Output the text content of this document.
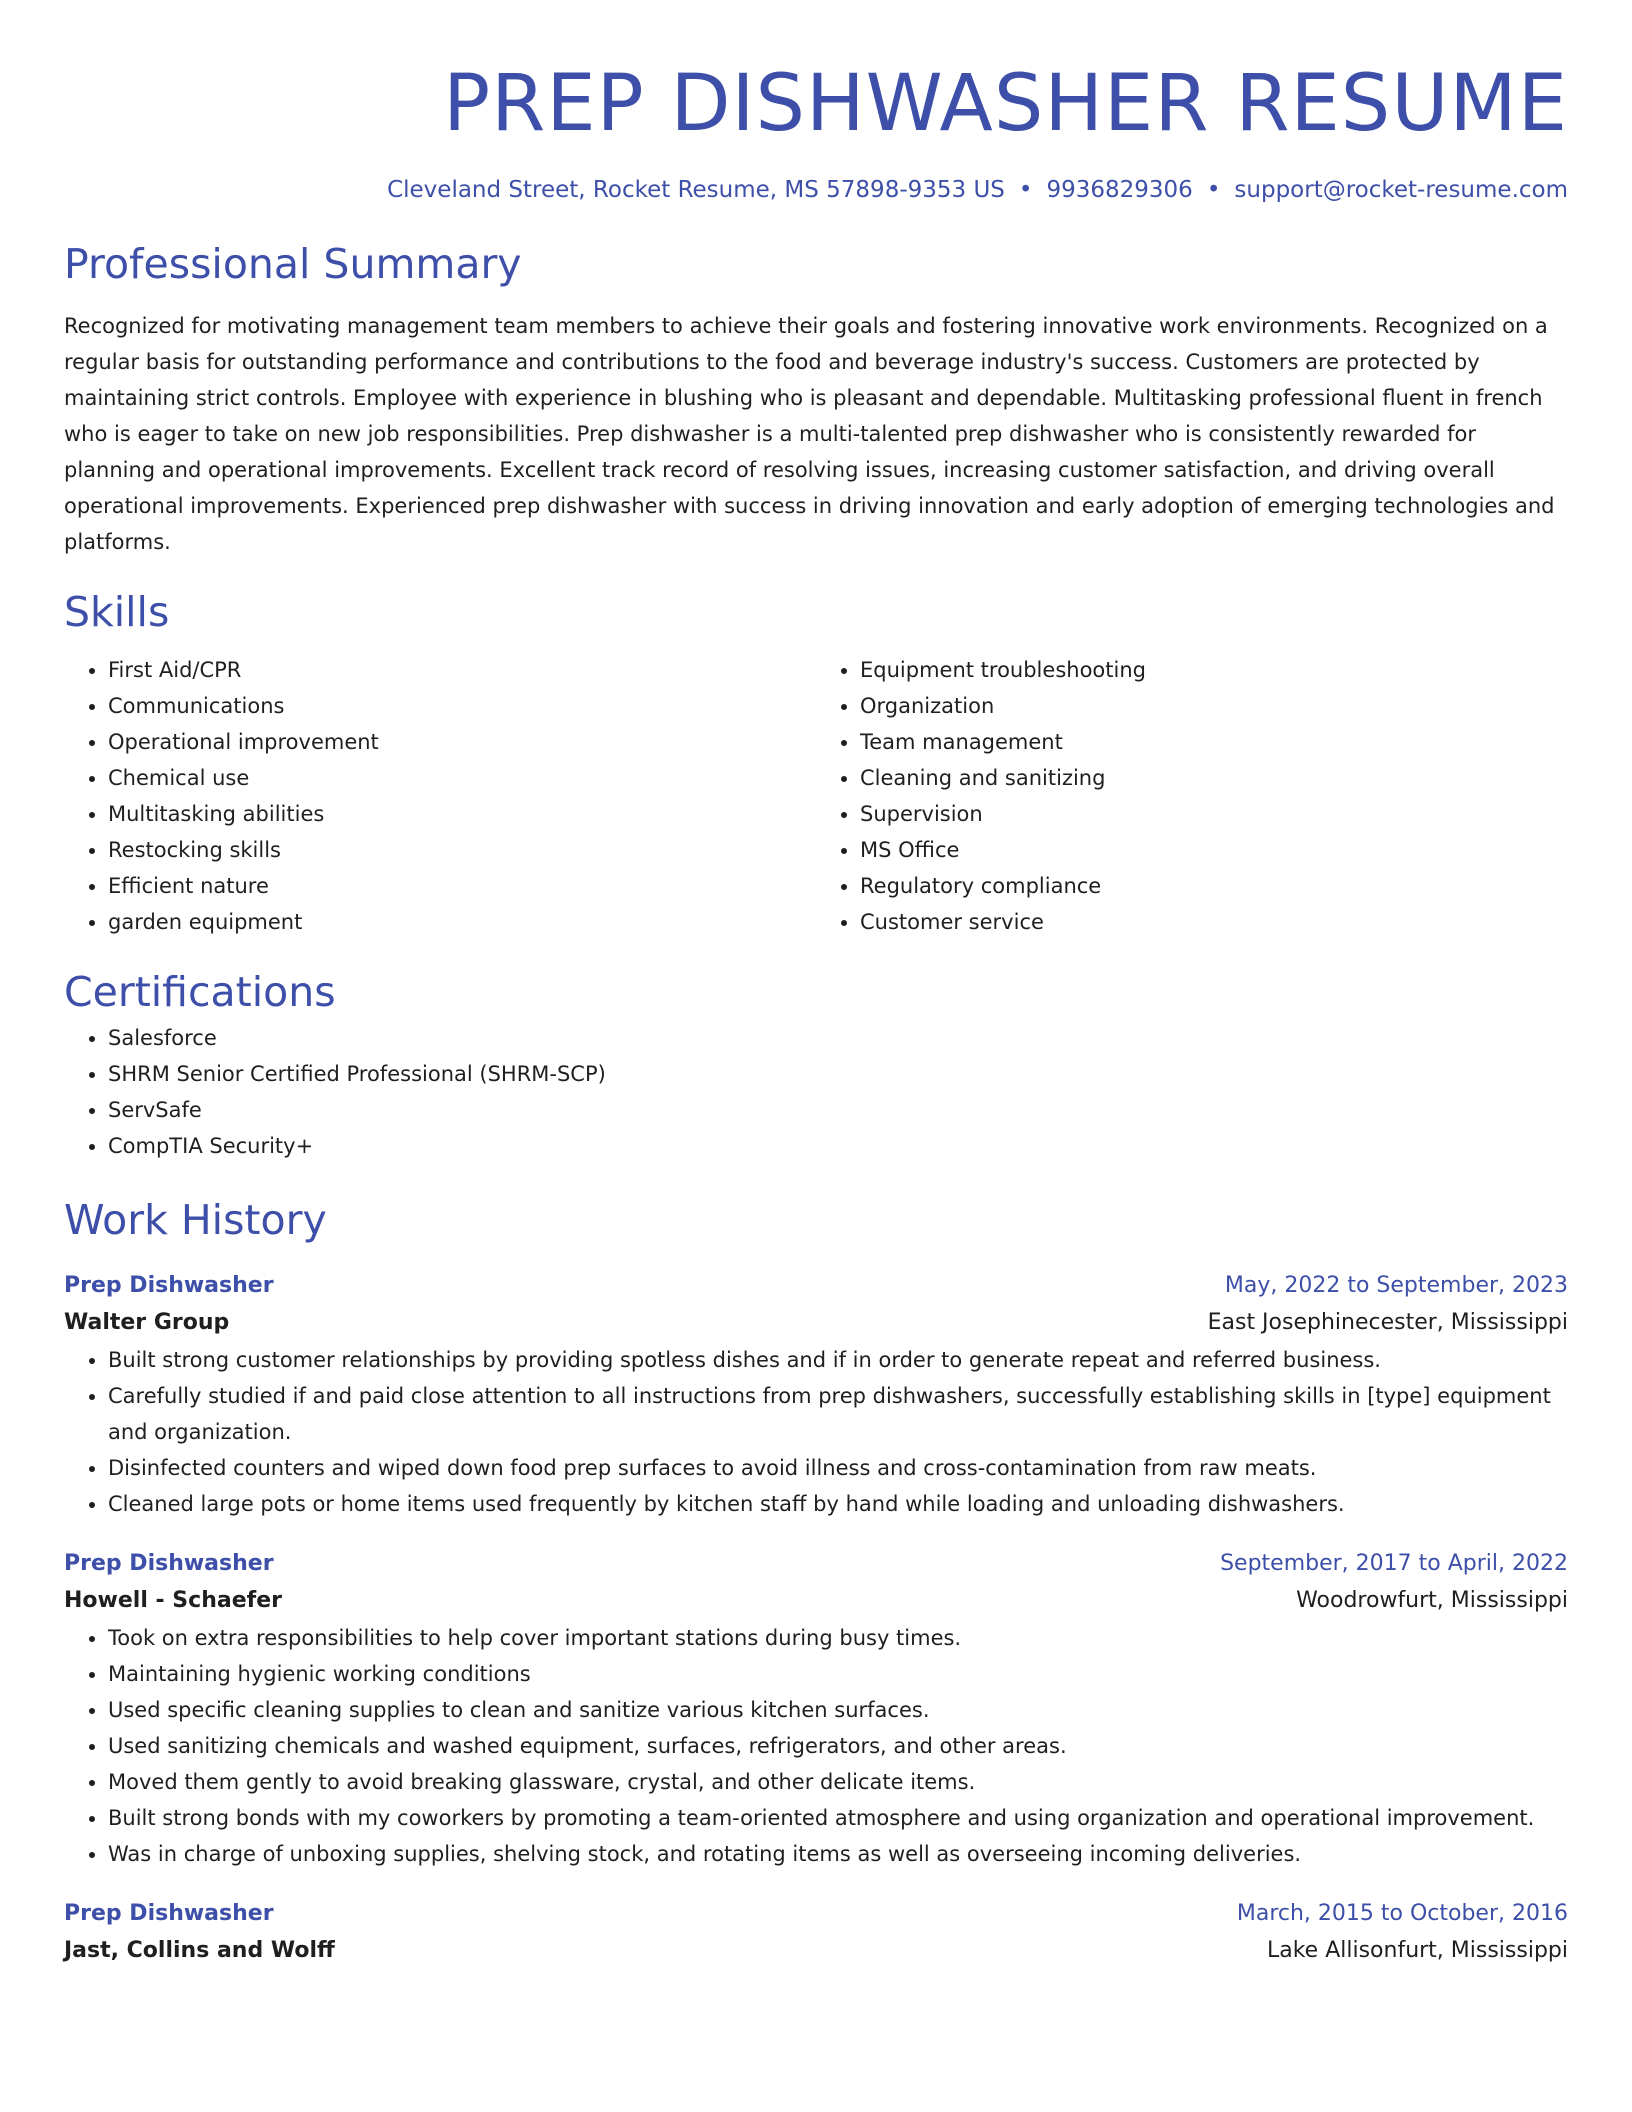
PREP DISHWASHER RESUME
Cleveland Street, Rocket Resume, MS 57898-9353 US • 9936829306 • support@rocket-resume.com
Professional Summary

Recognized for motivating management team members to achieve their goals and fostering innovative work environments. Recognized on a regular basis for outstanding performance and contributions to the food and beverage industry's success. Customers are protected by maintaining strict controls. Employee with experience in blushing who is pleasant and dependable. Multitasking professional fluent in french who is eager to take on new job responsibilities. Prep dishwasher is a multi-talented prep dishwasher who is consistently rewarded for planning and operational improvements. Excellent track record of resolving issues, increasing customer satisfaction, and driving overall operational improvements. Experienced prep dishwasher with success in driving innovation and early adoption of emerging technologies and platforms.

Skills
• First Aid/CPR
• Communications
• Operational improvement
• Chemical use
• Multitasking abilities
• Restocking skills
• Efficient nature
• garden equipment
• Equipment troubleshooting
• Organization
• Team management
• Cleaning and sanitizing
• Supervision
• MS Office
• Regulatory compliance
• Customer service
Certifications
• Salesforce
• SHRM Senior Certified Professional (SHRM-SCP)
• ServSafe
• CompTIA Security+
Work History
Prep Dishwasher	May, 2022 to September, 2023
Walter Group	East Josephinecester, Mississippi
• Built strong customer relationships by providing spotless dishes and if in order to generate repeat and referred business.
• Carefully studied if and paid close attention to all instructions from prep dishwashers, successfully establishing skills in [type] equipment and organization.
• Disinfected counters and wiped down food prep surfaces to avoid illness and cross-contamination from raw meats.
• Cleaned large pots or home items used frequently by kitchen staff by hand while loading and unloading dishwashers.
Prep Dishwasher	September, 2017 to April, 2022
Howell - Schaefer	Woodrowfurt, Mississippi
• Took on extra responsibilities to help cover important stations during busy times.
• Maintaining hygienic working conditions
• Used specific cleaning supplies to clean and sanitize various kitchen surfaces.
• Used sanitizing chemicals and washed equipment, surfaces, refrigerators, and other areas.
• Moved them gently to avoid breaking glassware, crystal, and other delicate items.
• Built strong bonds with my coworkers by promoting a team-oriented atmosphere and using organization and operational improvement.
• Was in charge of unboxing supplies, shelving stock, and rotating items as well as overseeing incoming deliveries.
Prep Dishwasher	March, 2015 to October, 2016
Jast, Collins and Wolff	Lake Allisonfurt, Mississippi
